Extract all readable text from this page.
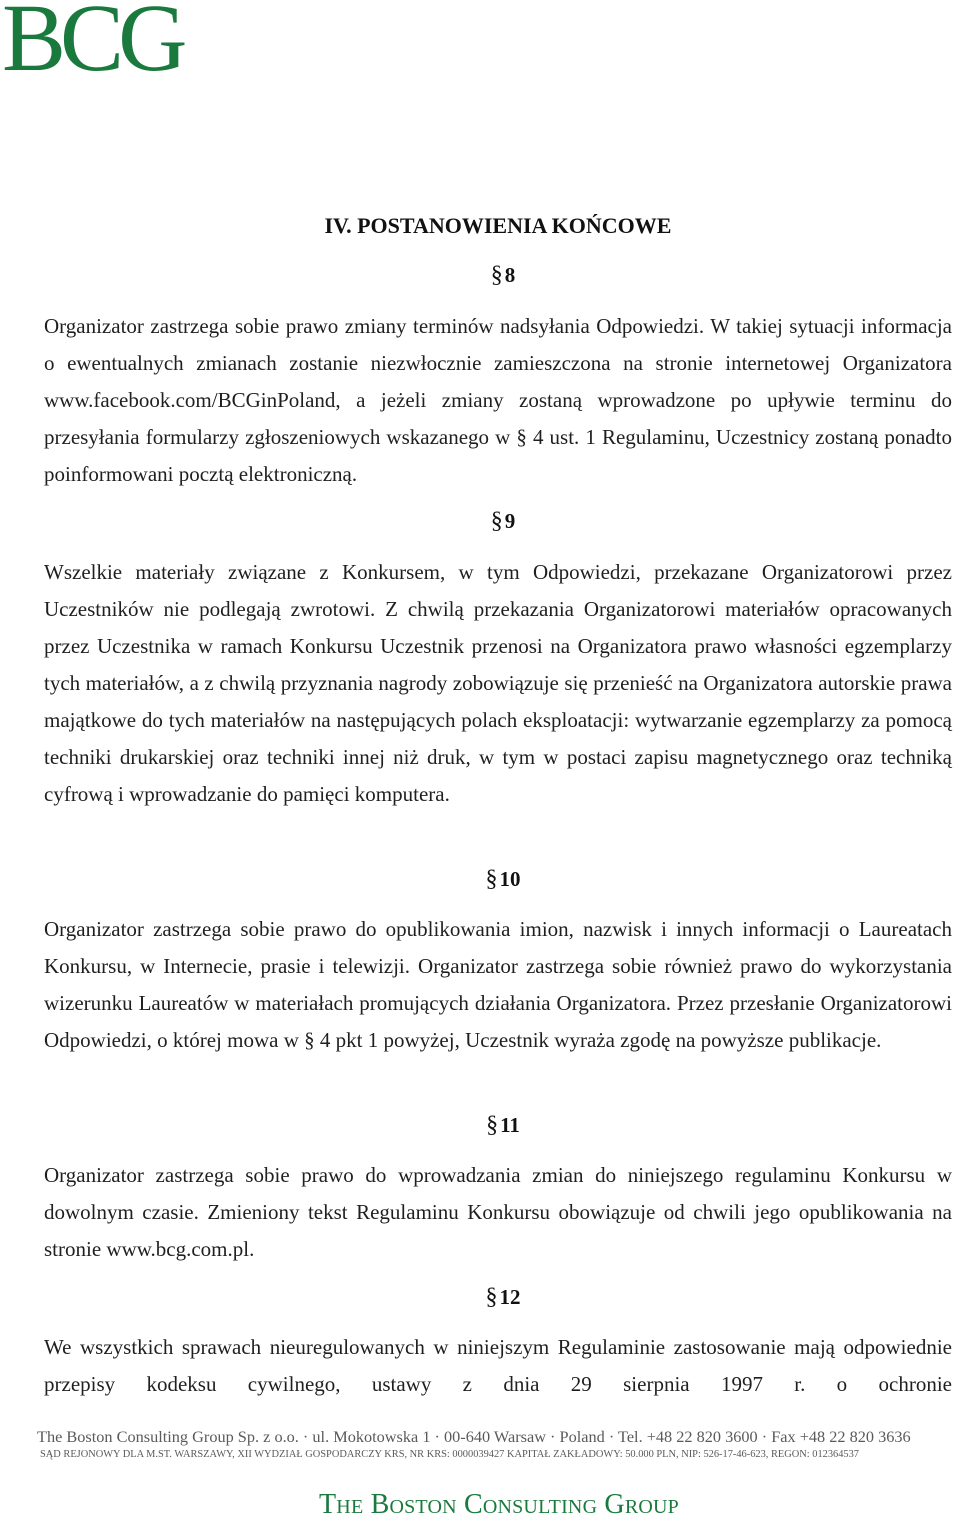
BCG
IV. POSTANOWIENIA KOŃCOWE
§8

Organizator zastrzega sobie prawo zmiany terminów nadsyłania Odpowiedzi. W takiej sytuacji informacja o ewentualnych zmianach zostanie niezwłocznie zamieszczona na stronie internetowej Organizatora www.facebook.com/BCGinPoland, a jeżeli zmiany zostaną wprowadzone po upływie terminu do przesyłania formularzy zgłoszeniowych wskazanego w § 4 ust. 1 Regulaminu, Uczestnicy zostaną ponadto poinformowani pocztą elektroniczną.

§9

Wszelkie materiały związane z Konkursem, w tym Odpowiedzi, przekazane Organizatorowi przez Uczestników nie podlegają zwrotowi. Z chwilą przekazania Organizatorowi materiałów opracowanych przez Uczestnika w ramach Konkursu Uczestnik przenosi na Organizatora prawo własności egzemplarzy tych materiałów, a z chwilą przyznania nagrody zobowiązuje się przenieść na Organizatora autorskie prawa majątkowe do tych materiałów na następujących polach eksploatacji: wytwarzanie egzemplarzy za pomocą techniki drukarskiej oraz techniki innej niż druk, w tym w postaci zapisu magnetycznego oraz techniką cyfrową i wprowadzanie do pamięci komputera.

§10

Organizator zastrzega sobie prawo do opublikowania imion, nazwisk i innych informacji o Laureatach Konkursu, w Internecie, prasie i telewizji. Organizator zastrzega sobie również prawo do wykorzystania wizerunku Laureatów w materiałach promujących działania Organizatora. Przez przesłanie Organizatorowi Odpowiedzi, o której mowa w § 4 pkt 1 powyżej, Uczestnik wyraża zgodę na powyższe publikacje.

§11

Organizator zastrzega sobie prawo do wprowadzania zmian do niniejszego regulaminu Konkursu w dowolnym czasie. Zmieniony tekst Regulaminu Konkursu obowiązuje od chwili jego opublikowania na stronie www.bcg.com.pl.

§12

We wszystkich sprawach nieuregulowanych w niniejszym Regulaminie zastosowanie mają odpowiednie przepisy kodeksu cywilnego, ustawy z dnia 29 sierpnia 1997 r. o ochronie

The Boston Consulting Group Sp. z o.o. · ul. Mokotowska 1 · 00-640 Warsaw · Poland · Tel. +48 22 820 3600 · Fax +48 22 820 3636
SĄD REJONOWY DLA M.ST. WARSZAWY, XII WYDZIAŁ GOSPODARCZY KRS, NR KRS: 0000039427 KAPITAŁ ZAKŁADOWY: 50.000 PLN, NIP: 526-17-46-623, REGON: 012364537
The Boston Consulting Group
